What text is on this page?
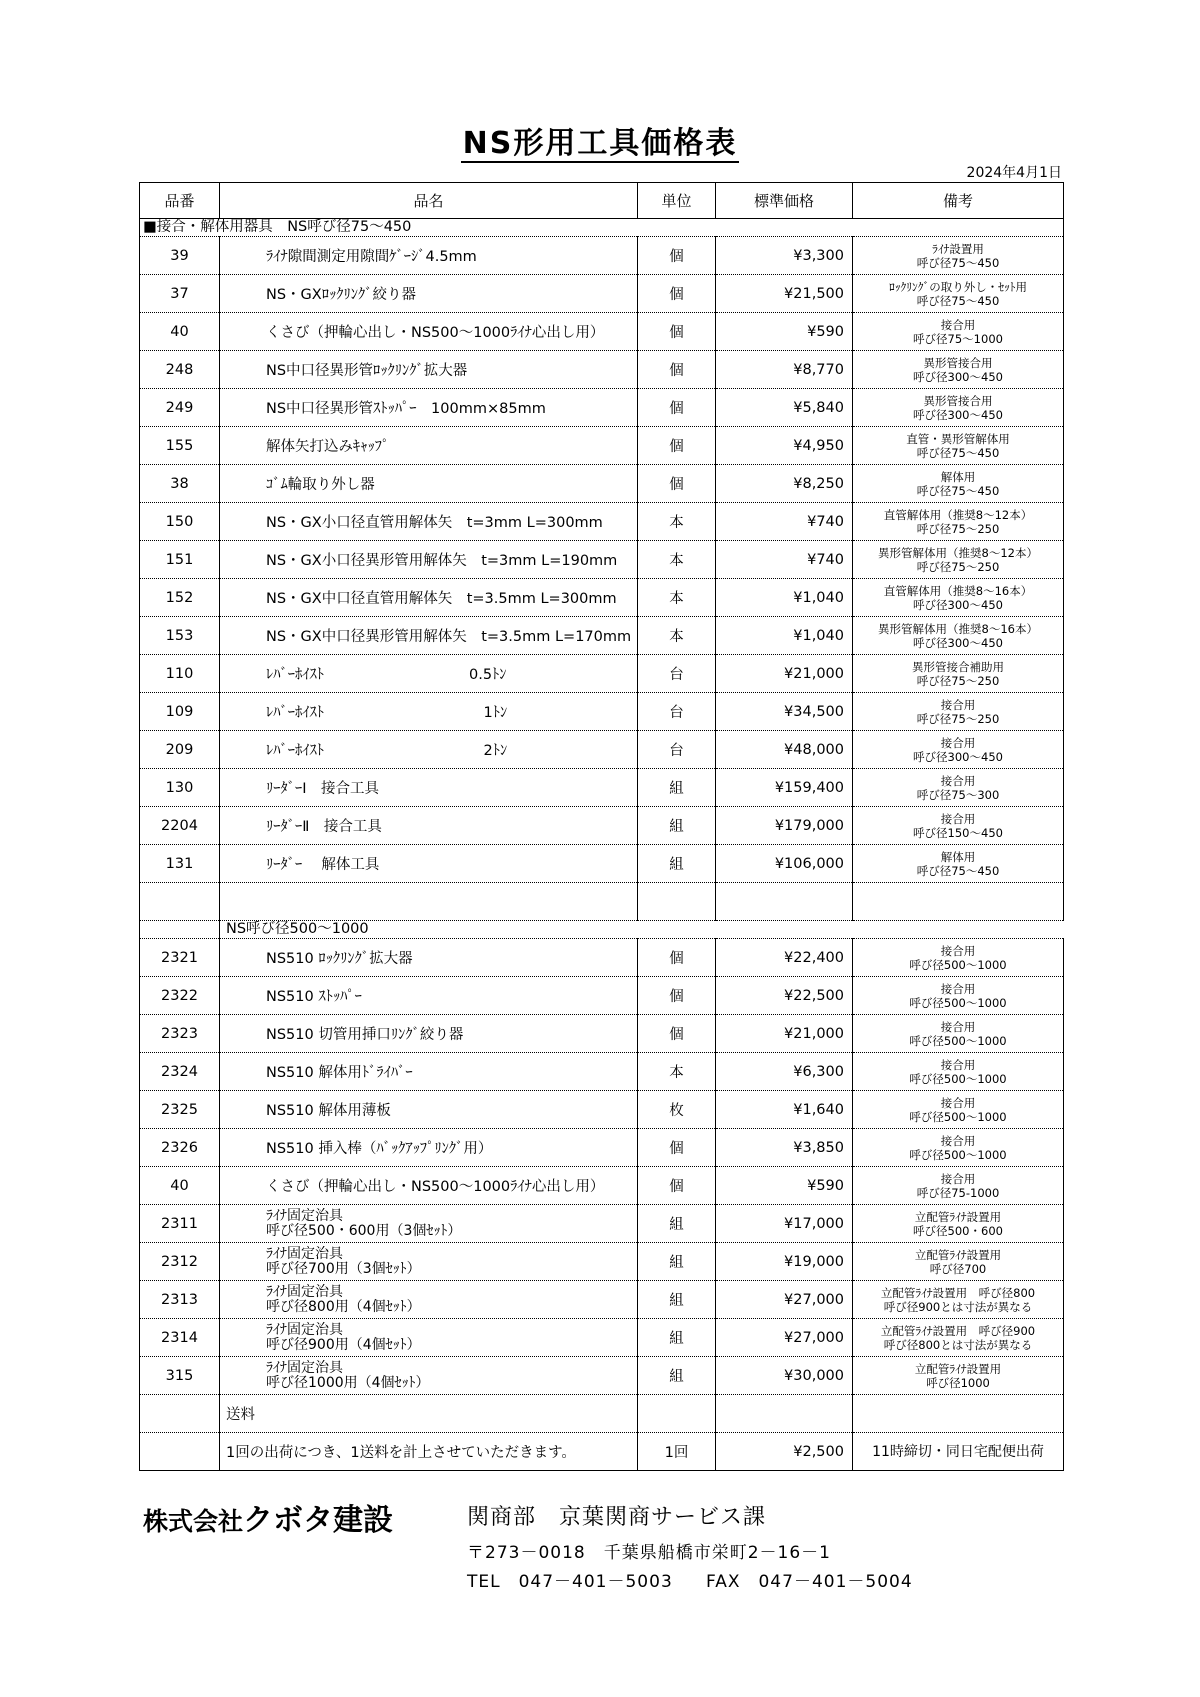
NS形用工具価格表
2024年4月1日
品番	品名	単位	標準価格	備考
■接合・解体用器具　NS呼び径75～450				
39	ﾗｲﾅ隙間測定用隙間ｹﾞｰｼﾞ4.5mm	個	¥3,300	ﾗｲﾅ設置用
呼び径75～450

37	NS・GXﾛｯｸﾘﾝｸﾞ絞り器	個	¥21,500	ﾛｯｸﾘﾝｸﾞの取り外し・ｾｯﾄ用
呼び径75～450

40	くさび（押輪心出し・NS500～1000ﾗｲﾅ心出し用）	個	¥590	接合用
呼び径75～1000

248	NS中口径異形管ﾛｯｸﾘﾝｸﾞ拡大器	個	¥8,770	異形管接合用
呼び径300～450

249	NS中口径異形管ｽﾄｯﾊﾟｰ　100mm×85mm	個	¥5,840	異形管接合用
呼び径300～450

155	解体矢打込みｷｬｯﾌﾟ	個	¥4,950	直管・異形管解体用
呼び径75～450

38	ｺﾞﾑ輪取り外し器	個	¥8,250	解体用
呼び径75～450

150	NS・GX小口径直管用解体矢　t=3mm L=300mm	本	¥740	直管解体用（推奨8～12本）
呼び径75～250

151	NS・GX小口径異形管用解体矢　t=3mm L=190mm	本	¥740	異形管解体用（推奨8～12本）
呼び径75～250

152	NS・GX中口径直管用解体矢　t=3.5mm L=300mm	本	¥1,040	直管解体用（推奨8～16本）
呼び径300～450

153	NS・GX中口径異形管用解体矢　t=3.5mm L=170mm	本	¥1,040	異形管解体用（推奨8～16本）
呼び径300～450

110	ﾚﾊﾞｰﾎｲｽﾄ　　　　　　　　　　0.5ﾄﾝ	台	¥21,000	異形管接合補助用
呼び径75～250

109	ﾚﾊﾞｰﾎｲｽﾄ　　　　　　　　　　　1ﾄﾝ	台	¥34,500	接合用
呼び径75～250

209	ﾚﾊﾞｰﾎｲｽﾄ　　　　　　　　　　　2ﾄﾝ	台	¥48,000	接合用
呼び径300～450

130	ﾘｰﾀﾞｰⅠ　接合工具	組	¥159,400	接合用
呼び径75～300

2204	ﾘｰﾀﾞｰⅡ　接合工具	組	¥179,000	接合用
呼び径150～450

131	ﾘｰﾀﾞｰ　 解体工具	組	¥106,000	解体用
呼び径75～450

	NS呼び径500～1000			
2321	NS510 ﾛｯｸﾘﾝｸﾞ拡大器	個	¥22,400	接合用
呼び径500～1000

2322	NS510 ｽﾄｯﾊﾟｰ	個	¥22,500	接合用
呼び径500～1000

2323	NS510 切管用挿口ﾘﾝｸﾞ絞り器	個	¥21,000	接合用
呼び径500～1000

2324	NS510 解体用ﾄﾞﾗｲﾊﾞｰ	本	¥6,300	接合用
呼び径500～1000

2325	NS510 解体用薄板	枚	¥1,640	接合用
呼び径500～1000

2326	NS510 挿入棒（ﾊﾞｯｸｱｯﾌﾟﾘﾝｸﾞ用）	個	¥3,850	接合用
呼び径500～1000

40	くさび（押輪心出し・NS500～1000ﾗｲﾅ心出し用）	個	¥590	接合用
呼び径75-1000

2311	ﾗｲﾅ固定治具
呼び径500・600用（3個ｾｯﾄ）	組	¥17,000	立配管ﾗｲﾅ設置用
呼び径500・600

2312	ﾗｲﾅ固定治具
呼び径700用（3個ｾｯﾄ）	組	¥19,000	立配管ﾗｲﾅ設置用
呼び径700

2313	ﾗｲﾅ固定治具
呼び径800用（4個ｾｯﾄ）	組	¥27,000	立配管ﾗｲﾅ設置用　呼び径800
呼び径900とは寸法が異なる

2314	ﾗｲﾅ固定治具
呼び径900用（4個ｾｯﾄ）	組	¥27,000	立配管ﾗｲﾅ設置用　呼び径900
呼び径800とは寸法が異なる

315	ﾗｲﾅ固定治具
呼び径1000用（4個ｾｯﾄ）	組	¥30,000	立配管ﾗｲﾅ設置用
呼び径1000

	送料			
	1回の出荷につき、1送料を計上させていただきます。	1回	¥2,500	11時締切・同日宅配便出荷
株式会社クボタ建設	関商部　京葉関商サービス課
〒273－0018　千葉県船橋市栄町2－16－1
TEL　047－401－5003 FAX　047－401－5004
